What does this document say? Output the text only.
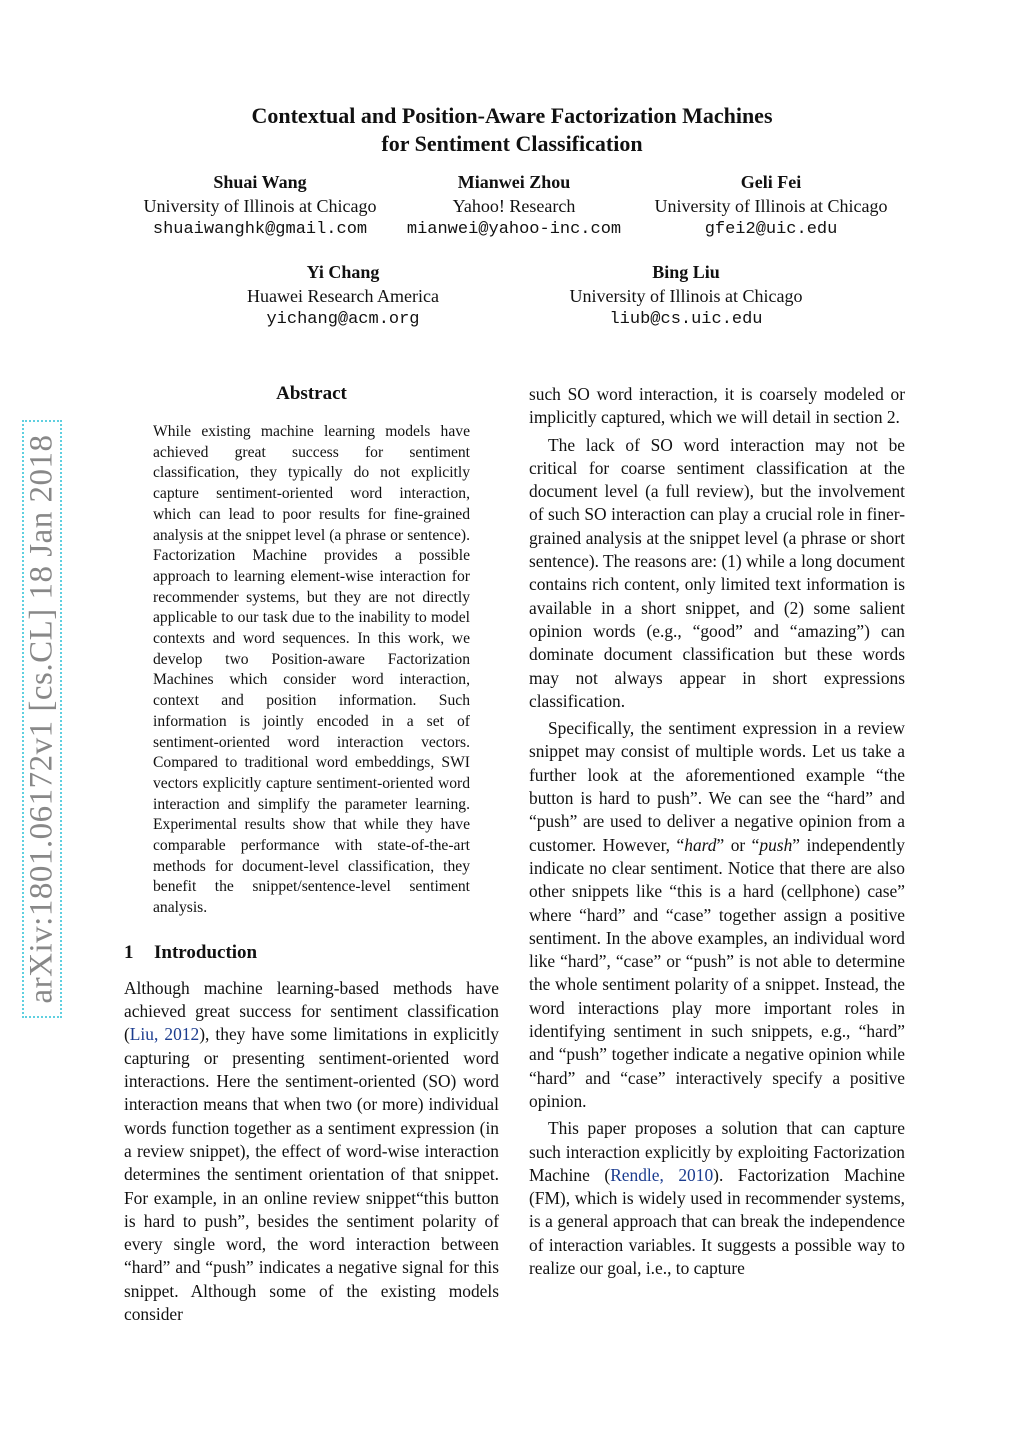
Contextual and Position-Aware Factorization Machines
for Sentiment Classification
Shuai Wang
University of Illinois at Chicago
shuaiwanghk@gmail.com
Mianwei Zhou
Yahoo! Research
mianwei@yahoo-inc.com
Geli Fei
University of Illinois at Chicago
gfei2@uic.edu
Yi Chang
Huawei Research America
yichang@acm.org
Bing Liu
University of Illinois at Chicago
liub@cs.uic.edu
arXiv:1801.06172v1 [cs.CL] 18 Jan 2018
Abstract

While existing machine learning models have achieved great success for sentiment classification, they typically do not explicitly capture sentiment-oriented word interaction, which can lead to poor results for fine-grained analysis at the snippet level (a phrase or sentence). Factorization Machine provides a possible approach to learning element-wise interaction for recommender systems, but they are not directly applicable to our task due to the inability to model contexts and word sequences. In this work, we develop two Position-aware Factorization Machines which consider word interaction, context and position information. Such information is jointly encoded in a set of sentiment-oriented word interaction vectors. Compared to traditional word embeddings, SWI vectors explicitly capture sentiment-oriented word interaction and simplify the parameter learning. Experimental results show that while they have comparable performance with state-of-the-art methods for document-level classification, they benefit the snippet/sentence-level sentiment analysis.

1 Introduction

Although machine learning-based methods have achieved great success for sentiment classification (Liu, 2012), they have some limitations in explicitly capturing or presenting sentiment-oriented word interactions. Here the sentiment-oriented (SO) word interaction means that when two (or more) individual words function together as a sentiment expression (in a review snippet), the effect of word-wise interaction determines the sentiment orientation of that snippet. For example, in an online review snippet“this button is hard to push”, besides the sentiment polarity of every single word, the word interaction between “hard” and “push” indicates a negative signal for this snippet. Although some of the existing models consider

such SO word interaction, it is coarsely modeled or implicitly captured, which we will detail in section 2.

The lack of SO word interaction may not be critical for coarse sentiment classification at the document level (a full review), but the involvement of such SO interaction can play a crucial role in finer-grained analysis at the snippet level (a phrase or short sentence). The reasons are: (1) while a long document contains rich content, only limited text information is available in a short snippet, and (2) some salient opinion words (e.g., “good” and “amazing”) can dominate document classification but these words may not always appear in short expressions classification.

Specifically, the sentiment expression in a review snippet may consist of multiple words. Let us take a further look at the aforementioned example “the button is hard to push”. We can see the “hard” and “push” are used to deliver a negative opinion from a customer. However, “hard” or “push” independently indicate no clear sentiment. Notice that there are also other snippets like “this is a hard (cellphone) case” where “hard” and “case” together assign a positive sentiment. In the above examples, an individual word like “hard”, “case” or “push” is not able to determine the whole sentiment polarity of a snippet. Instead, the word interactions play more important roles in identifying sentiment in such snippets, e.g., “hard” and “push” together indicate a negative opinion while “hard” and “case” interactively specify a positive opinion.

This paper proposes a solution that can capture such interaction explicitly by exploiting Factorization Machine (Rendle, 2010). Factorization Machine (FM), which is widely used in recommender systems, is a general approach that can break the independence of interaction variables. It suggests a possible way to realize our goal, i.e., to capture
